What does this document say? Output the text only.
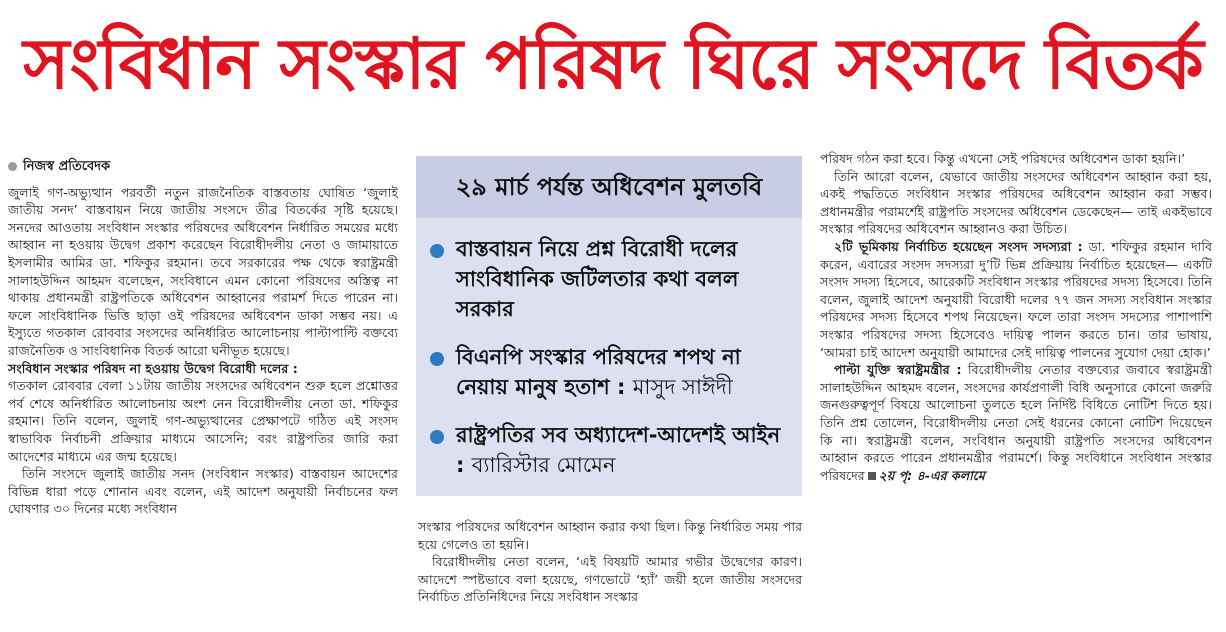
সংবিধান সংস্কার পরিষদ ঘিরে সংসদে বিতর্ক
নিজস্ব প্রতিবেদক

জুলাই গণ-অভ্যুত্থান পরবর্তী নতুন রাজনৈতিক বাস্তবতায় ঘোষিত ‘জুলাই জাতীয় সনদ’ বাস্তবায়ন নিয়ে জাতীয় সংসদে তীব্র বিতর্কের সৃষ্টি হয়েছে। সনদের আওতায় সংবিধান সংস্কার পরিষদের অধিবেশন নির্ধারিত সময়ের মধ্যে আহ্বান না হওয়ায় উদ্বেগ প্রকাশ করেছেন বিরোধীদলীয় নেতা ও জামায়াতে ইসলামীর আমির ডা. শফিকুর রহমান। তবে সরকারের পক্ষ থেকে স্বরাষ্ট্রমন্ত্রী সালাহউদ্দিন আহমদ বলেছেন, সংবিধানে এমন কোনো পরিষদের অস্তিত্ব না থাকায় প্রধানমন্ত্রী রাষ্ট্রপতিকে অধিবেশন আহ্বানের পরামর্শ দিতে পারেন না। ফলে সাংবিধানিক ভিত্তি ছাড়া ওই পরিষদের অধিবেশন ডাকা সম্ভব নয়। এ ইস্যুতে গতকাল রোববার সংসদের অনির্ধারিত আলোচনায় পাল্টাপাল্টি বক্তব্যে রাজনৈতিক ও সাংবিধানিক বিতর্ক আরো ঘনীভূত হয়েছে।

সংবিধান সংস্কার পরিষদ না হওয়ায় উদ্বেগ বিরোধী দলের :

গতকাল রোববার বেলা ১১টায় জাতীয় সংসদের অধিবেশন শুরু হলে প্রশ্নোত্তর পর্ব শেষে অনির্ধারিত আলোচনায় অংশ নেন বিরোধীদলীয় নেতা ডা. শফিকুর রহমান। তিনি বলেন, জুলাই গণ-অভ্যুত্থানের প্রেক্ষাপটে গঠিত এই সংসদ স্বাভাবিক নির্বাচনী প্রক্রিয়ার মাধ্যমে আসেনি; বরং রাষ্ট্রপতির জারি করা আদেশের মাধ্যমে এর জন্ম হয়েছে।

তিনি সংসদে জুলাই জাতীয় সনদ (সংবিধান সংস্কার) বাস্তবায়ন আদেশের বিভিন্ন ধারা পড়ে শোনান এবং বলেন, এই আদেশ অনুযায়ী নির্বাচনের ফল ঘোষণার ৩০ দিনের মধ্যে সংবিধান

২৯ মার্চ পর্যন্ত অধিবেশন মুলতবি
বাস্তবায়ন নিয়ে প্রশ্ন বিরোধী দলের সাংবিধানিক জটিলতার কথা বলল সরকার
বিএনপি সংস্কার পরিষদের শপথ না নেয়ায় মানুষ হতাশ : মাসুদ সাঈদী
রাষ্ট্রপতির সব অধ্যাদেশ-আদেশই আইন : ব্যারিস্টার মোমেন

সংস্কার পরিষদের অধিবেশন আহ্বান করার কথা ছিল। কিন্তু নির্ধারিত সময় পার হয়ে গেলেও তা হয়নি।

বিরোধীদলীয় নেতা বলেন, ‘এই বিষয়টি আমার গভীর উদ্বেগের কারণ। আদেশে স্পষ্টভাবে বলা হয়েছে, গণভোটে ‘হ্যাঁ’ জয়ী হলে জাতীয় সংসদের নির্বাচিত প্রতিনিধিদের নিয়ে সংবিধান সংস্কার

পরিষদ গঠন করা হবে। কিন্তু এখনো সেই পরিষদের অধিবেশন ডাকা হয়নি।’

তিনি আরো বলেন, যেভাবে জাতীয় সংসদের অধিবেশন আহ্বান করা হয়, একই পদ্ধতিতে সংবিধান সংস্কার পরিষদের অধিবেশন আহ্বান করা সম্ভব। প্রধানমন্ত্রীর পরামর্শেই রাষ্ট্রপতি সংসদের অধিবেশন ডেকেছেন— তাই একইভাবে সংস্কার পরিষদের অধিবেশন আহ্বানও করা উচিত।

২টি ভূমিকায় নির্বাচিত হয়েছেন সংসদ সদস্যরা : ডা. শফিকুর রহমান দাবি করেন, এবারের সংসদ সদস্যরা দু’টি ভিন্ন প্রক্রিয়ায় নির্বাচিত হয়েছেন— একটি সংসদ সদস্য হিসেবে, আরেকটি সংবিধান সংস্কার পরিষদের সদস্য হিসেবে। তিনি বলেন, জুলাই আদেশ অনুযায়ী বিরোধী দলের ৭৭ জন সদস্য সংবিধান সংস্কার পরিষদের সদস্য হিসেবে শপথ নিয়েছেন। ফলে তারা সংসদ সদস্যের পাশাপাশি সংস্কার পরিষদের সদস্য হিসেবেও দায়িত্ব পালন করতে চান। তার ভাষায়, ‘আমরা চাই আদেশ অনুযায়ী আমাদের সেই দায়িত্ব পালনের সুযোগ দেয়া হোক।’

পাল্টা যুক্তি স্বরাষ্ট্রমন্ত্রীর : বিরোধীদলীয় নেতার বক্তব্যের জবাবে স্বরাষ্ট্রমন্ত্রী সালাহউদ্দিন আহমদ বলেন, সংসদের কার্যপ্রণালী বিধি অনুসারে কোনো জরুরি জনগুরুত্বপূর্ণ বিষয়ে আলোচনা তুলতে হলে নির্দিষ্ট বিধিতে নোটিশ দিতে হয়। তিনি প্রশ্ন তোলেন, বিরোধীদলীয় নেতা সেই ধরনের কোনো নোটিশ দিয়েছেন কি না। স্বরাষ্ট্রমন্ত্রী বলেন, সংবিধান অনুযায়ী রাষ্ট্রপতি সংসদের অধিবেশন আহ্বান করতে পারেন প্রধানমন্ত্রীর পরামর্শে। কিন্তু সংবিধানে সংবিধান সংস্কার পরিষদের ২য় পৃ: ৪-এর কলামে
